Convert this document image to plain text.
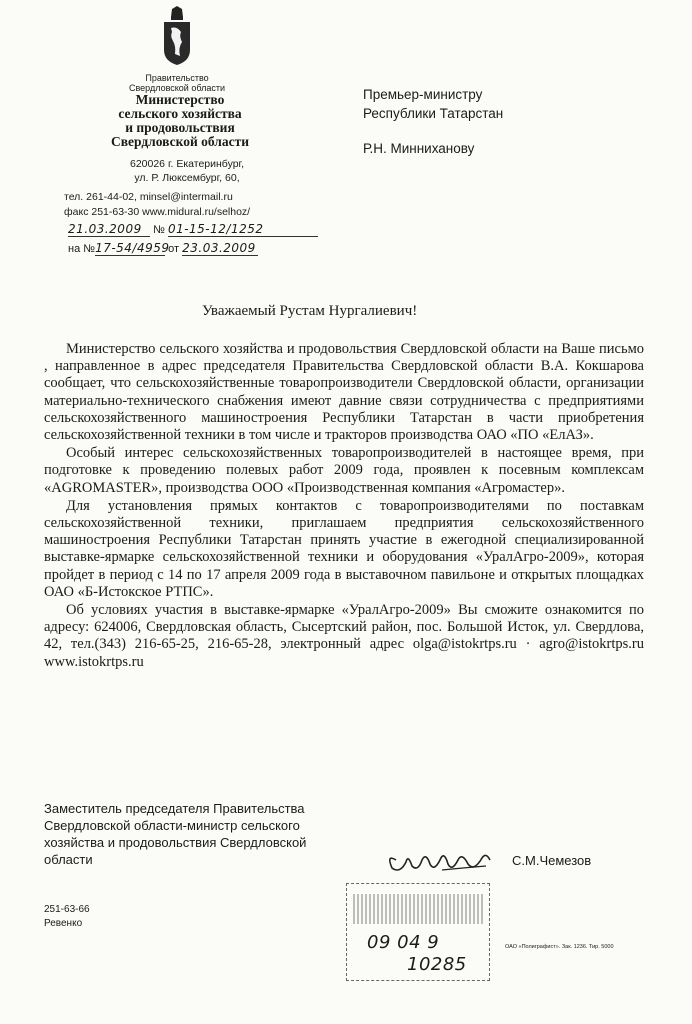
Правительство
Свердловской области
Министерство
сельского хозяйства
и продовольствия
Свердловской области
620026 г. Екатеринбург,
ул. Р. Люксембург, 60,
тел. 261-44-02, minsel@intermail.ru
факс 251-63-30 www.midural.ru/selhoz/
21.03.2009 № 01-15-12/1252
на №17-54/4959 от 23.03.2009
Премьер-министру
Республики Татарстан
Р.Н. Минниханову
Уважаемый Рустам Нургалиевич!

Министерство сельского хозяйства и продовольствия Свердловской области на Ваше письмо , направленное в адрес председателя Правительства Свердловской области В.А. Кокшарова сообщает, что сельскохозяйственные товаропроизводители Свердловской области, организации материально-технического снабжения имеют давние связи сотрудничества с предприятиями сельскохозяйственного машиностроения Республики Татарстан в части приобретения сельскохозяйственной техники в том числе и тракторов производства ОАО «ПО «ЕлАЗ».

Особый интерес сельскохозяйственных товаропроизводителей в настоящее время, при подготовке к проведению полевых работ 2009 года, проявлен к посевным комплексам «AGROMASTER», производства ООО «Производственная компания «Агромастер».

Для установления прямых контактов с товаропроизводителями по поставкам сельскохозяйственной техники, приглашаем предприятия сельскохозяйственного машиностроения Республики Татарстан принять участие в ежегодной специализированной выставке-ярмарке сельскохозяйственной техники и оборудования «УралАгро-2009», которая пройдет в период с 14 по 17 апреля 2009 года в выставочном павильоне и открытых площадках ОАО «Б-Истокское РТПС».

Об условиях участия в выставке-ярмарке «УралАгро-2009» Вы сможите ознакомится по адресу: 624006, Свердловская область, Сысертский район, пос. Большой Исток, ул. Свердлова, 42, тел.(343) 216-65-25, 216-65-28, электронный адрес olga@istokrtps.ru · agro@istokrtps.ru www.istokrtps.ru

Заместитель председателя Правительства
Свердловской области-министр сельского
хозяйства и продовольствия Свердловской
области	С.М.Чемезов
251-63-66
Ревенко
09 04 9
10285
ОАО «Полиграфист». Зак. 1236. Тир. 5000
